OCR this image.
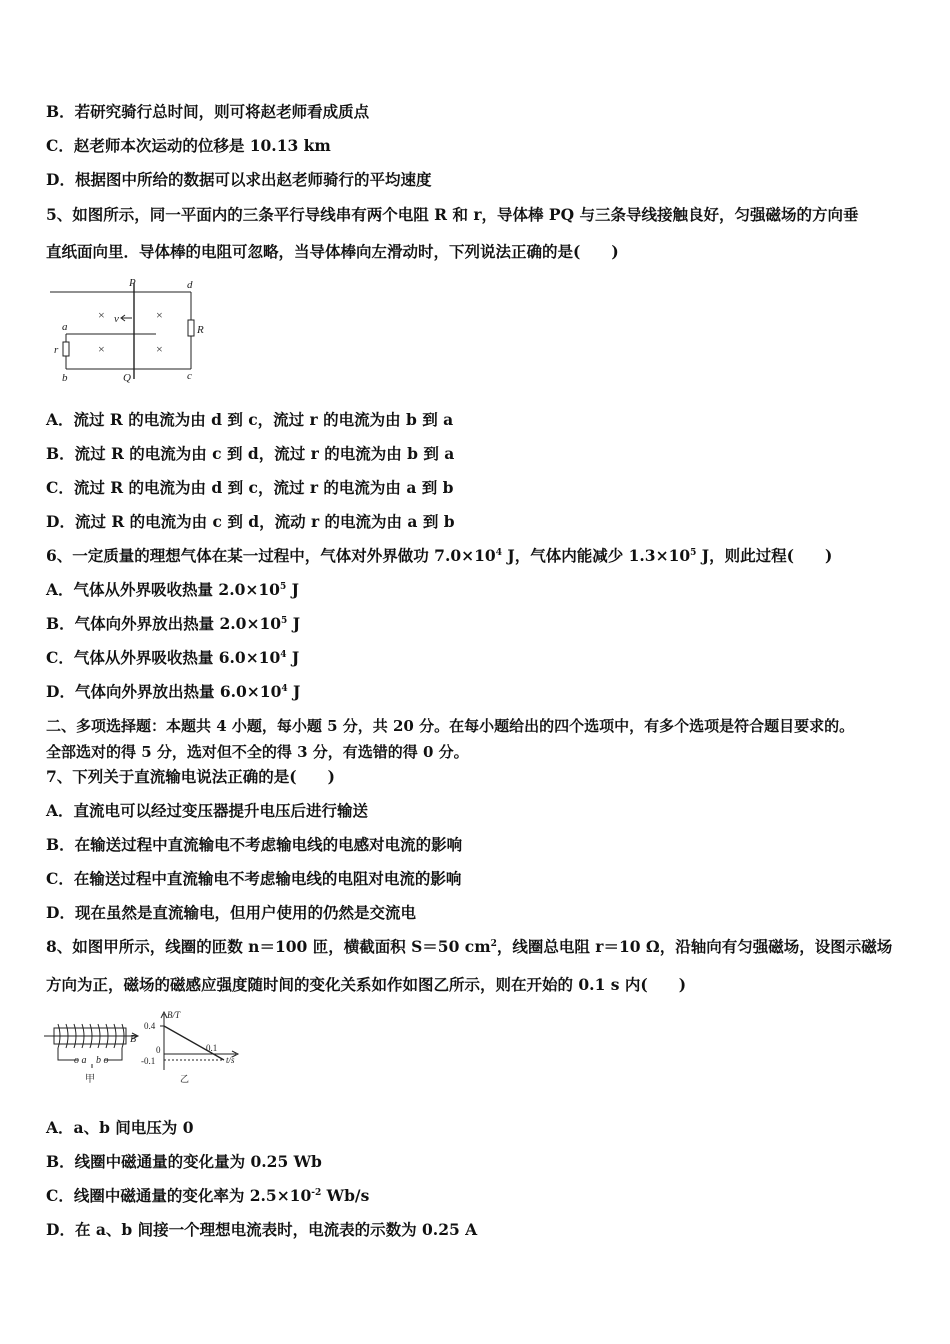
B．若研究骑行总时间，则可将赵老师看成质点
C．赵老师本次运动的位移是 10.13 km
D．根据图中所给的数据可以求出赵老师骑行的平均速度
5、如图所示，同一平面内的三条平行导线串有两个电阻 R 和 r，导体棒 PQ 与三条导线接触良好，匀强磁场的方向垂
直纸面向里．导体棒的电阻可忽略，当导体棒向左滑动时，下列说法正确的是(　　)
P
Q
d
c
a
b
R
r
v
×	×
×	×
A．流过 R 的电流为由 d 到 c，流过 r 的电流为由 b 到 a
B．流过 R 的电流为由 c 到 d，流过 r 的电流为由 b 到 a
C．流过 R 的电流为由 d 到 c，流过 r 的电流为由 a 到 b
D．流过 R 的电流为由 c 到 d，流动 r 的电流为由 a 到 b
6、一定质量的理想气体在某一过程中，气体对外界做功 $7.0\times 10^4$ J，气体内能减少 $1.3\times 10^5$ J，则此过程(　　)
A．气体从外界吸收热量 $2.0\times 10^5$ J
B．气体向外界放出热量 $2.0\times 10^5$ J
C．气体从外界吸收热量 $6.0\times 10^4$ J
D．气体向外界放出热量 $6.0\times 10^4$ J
二、多项选择题：本题共 4 小题，每小题 5 分，共 20 分。在每小题给出的四个选项中，有多个选项是符合题目要求的。
全部选对的得 5 分，选对但不全的得 3 分，有选错的得 0 分。
7、下列关于直流输电说法正确的是(　　)
A．直流电可以经过变压器提升电压后进行输送
B．在输送过程中直流输电不考虑输电线的电感对电流的影响
C．在输送过程中直流输电不考虑输电线的电阻对电流的影响
D．现在虽然是直流输电，但用户使用的仍然是交流电
8、如图甲所示，线圈的匝数 n＝100 匝，横截面积 S＝50 $cm^2$，线圈总电阻 r＝10 Ω，沿轴向有匀强磁场，设图示磁场
方向为正，磁场的磁感应强度随时间的变化关系如作如图乙所示，则在开始的 0.1 s 内(　　)
B
o a b o
甲
B/T
t/s
0.4
-0.1
0	0.1
乙
A．a、b 间电压为 0
B．线圈中磁通量的变化量为 0.25 Wb
C．线圈中磁通量的变化率为 $2.5\times 10^{-2}$ Wb/s
D．在 a、b 间接一个理想电流表时，电流表的示数为 0.25 A
